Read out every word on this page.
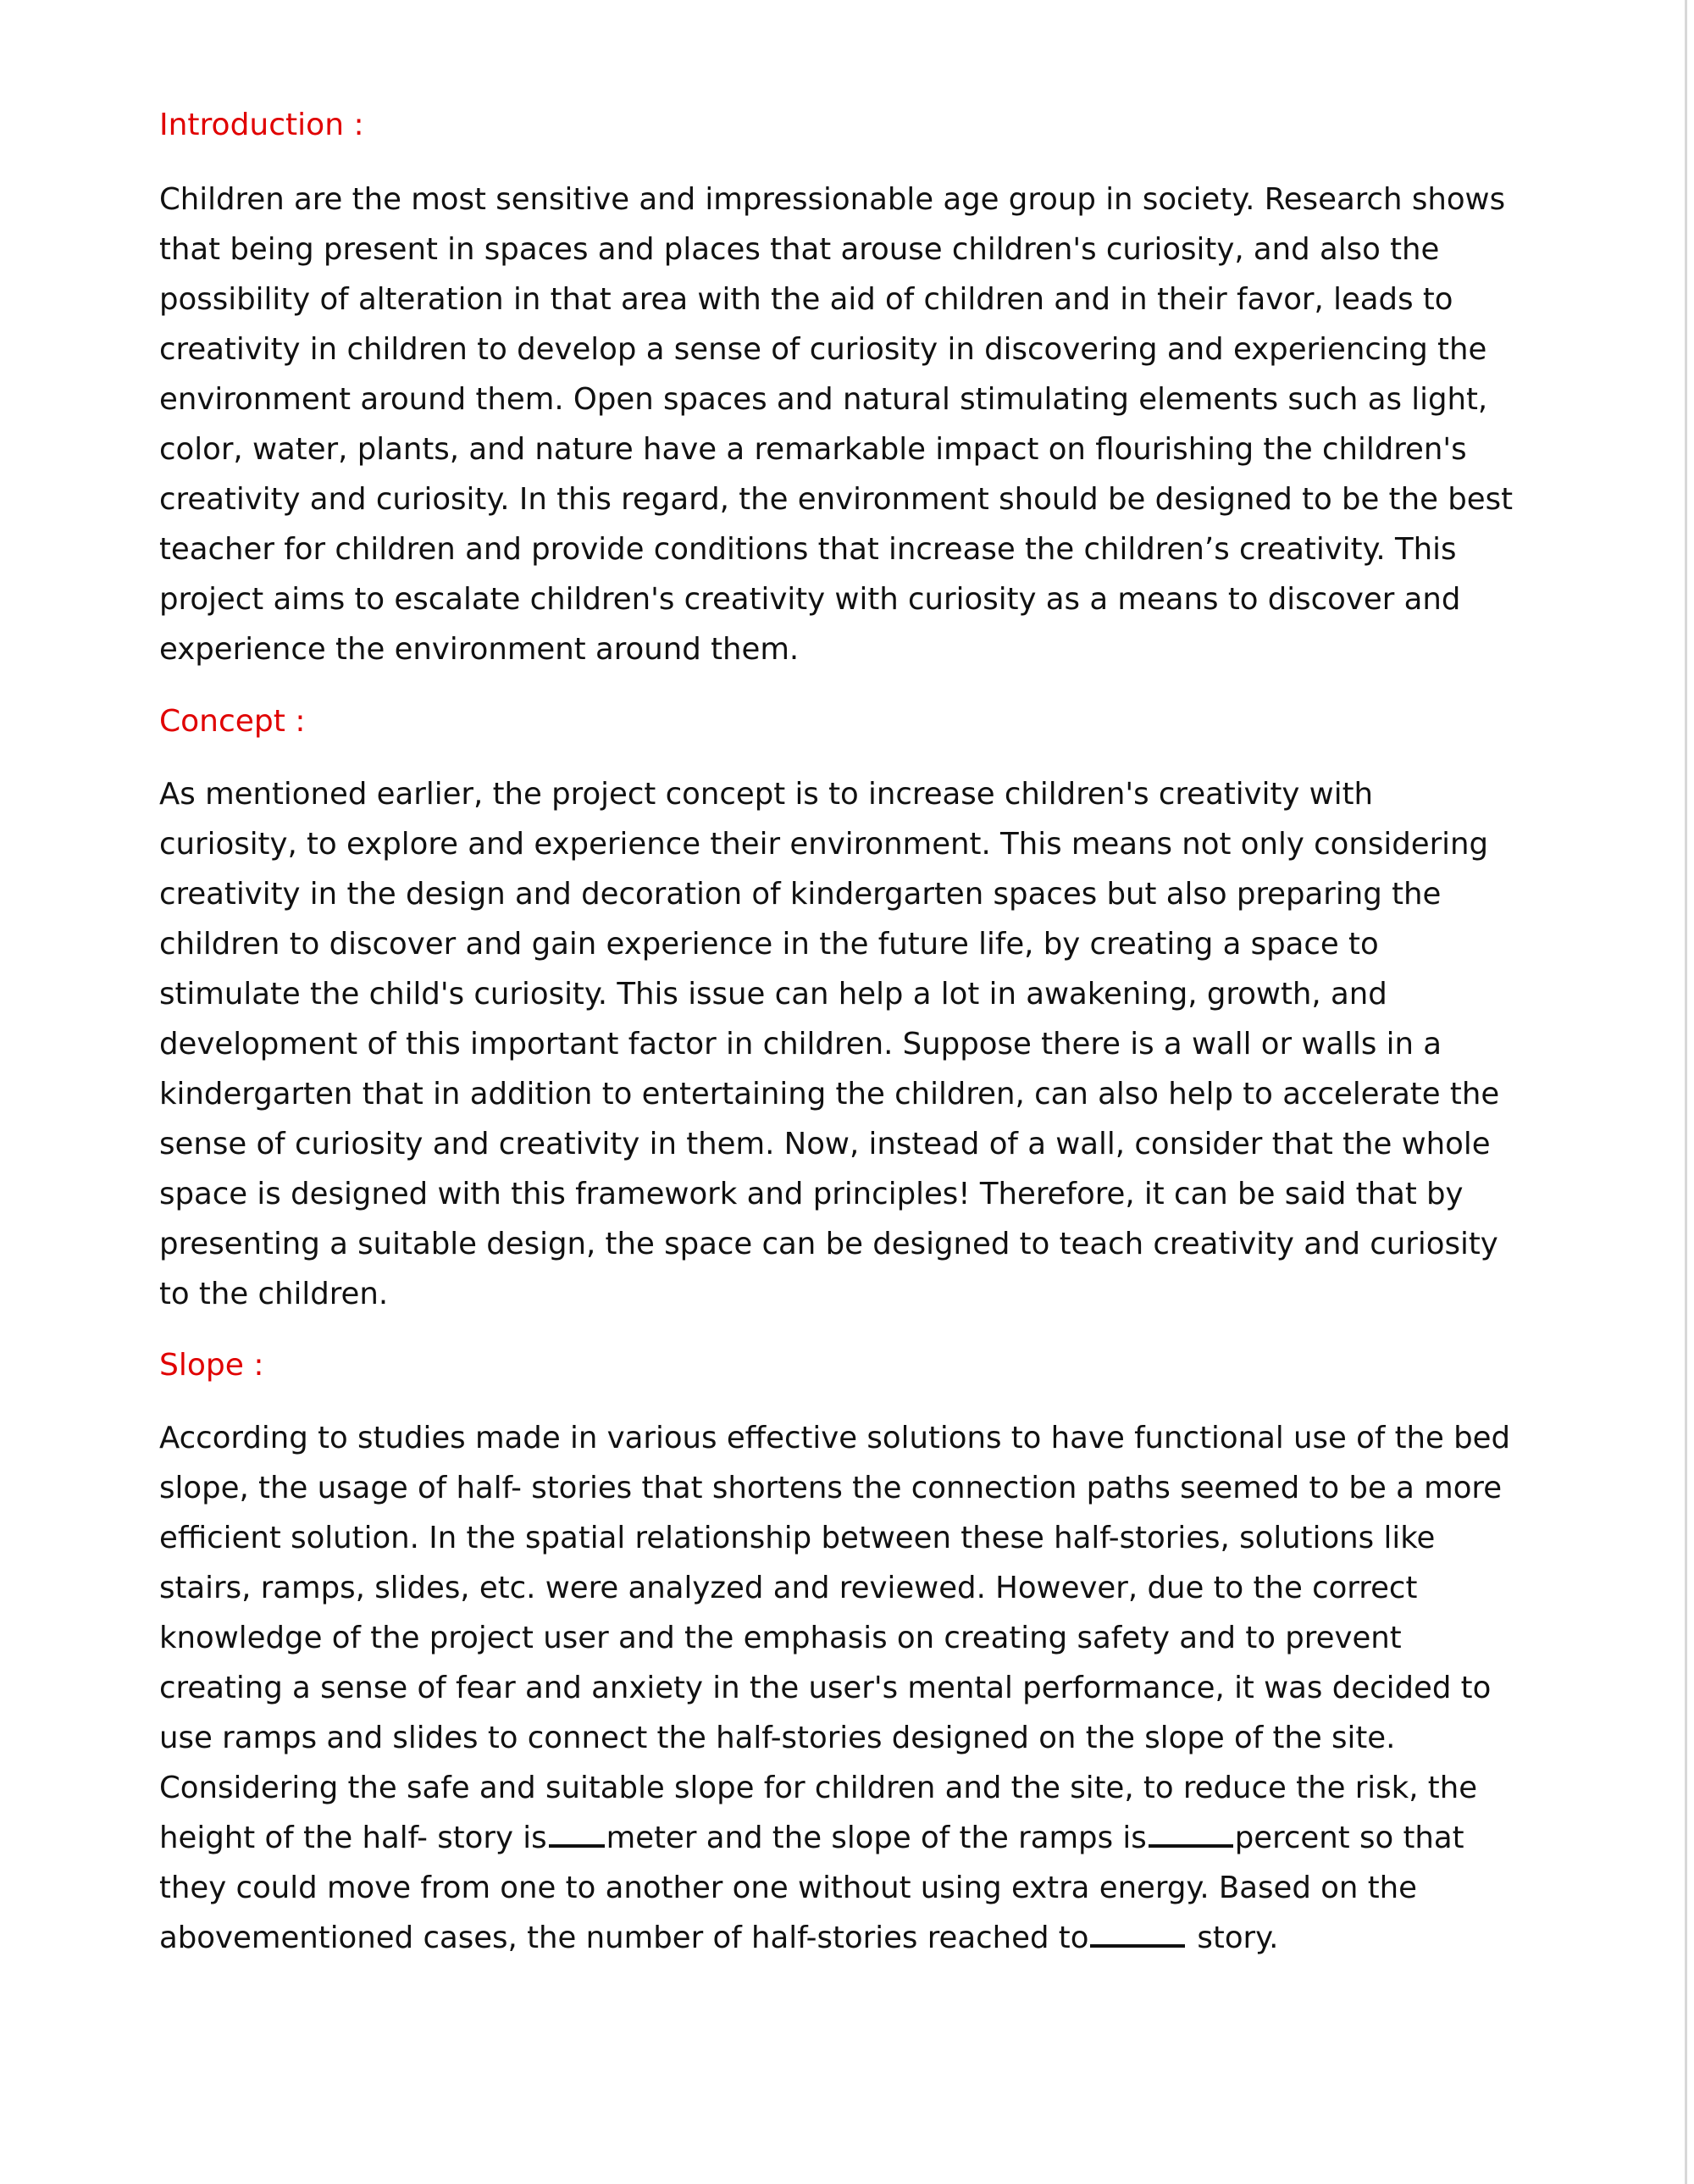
Introduction :
Children are the most sensitive and impressionable age group in society. Research shows
that being present in spaces and places that arouse children's curiosity, and also the
possibility of alteration in that area with the aid of children and in their favor, leads to
creativity in children to develop a sense of curiosity in discovering and experiencing the
environment around them. Open spaces and natural stimulating elements such as light,
color, water, plants, and nature have a remarkable impact on flourishing the children's
creativity and curiosity. In this regard, the environment should be designed to be the best
teacher for children and provide conditions that increase the children’s creativity. This
project aims to escalate children's creativity with curiosity as a means to discover and
experience the environment around them.
Concept :
As mentioned earlier, the project concept is to increase children's creativity with
curiosity, to explore and experience their environment. This means not only considering
creativity in the design and decoration of kindergarten spaces but also preparing the
children to discover and gain experience in the future life, by creating a space to
stimulate the child's curiosity. This issue can help a lot in awakening, growth, and
development of this important factor in children. Suppose there is a wall or walls in a
kindergarten that in addition to entertaining the children, can also help to accelerate the
sense of curiosity and creativity in them. Now, instead of a wall, consider that the whole
space is designed with this framework and principles! Therefore, it can be said that by
presenting a suitable design, the space can be designed to teach creativity and curiosity
to the children.
Slope :
According to studies made in various effective solutions to have functional use of the bed
slope, the usage of half- stories that shortens the connection paths seemed to be a more
efficient solution. In the spatial relationship between these half-stories, solutions like
stairs, ramps, slides, etc. were analyzed and reviewed. However, due to the correct
knowledge of the project user and the emphasis on creating safety and to prevent
creating a sense of fear and anxiety in the user's mental performance, it was decided to
use ramps and slides to connect the half-stories designed on the slope of the site.
Considering the safe and suitable slope for children and the site, to reduce the risk, the
height of the half- story is meter and the slope of the ramps is	percent so that
they could move from one to another one without using extra energy. Based on the
abovementioned cases, the number of half-stories reached to	story.
